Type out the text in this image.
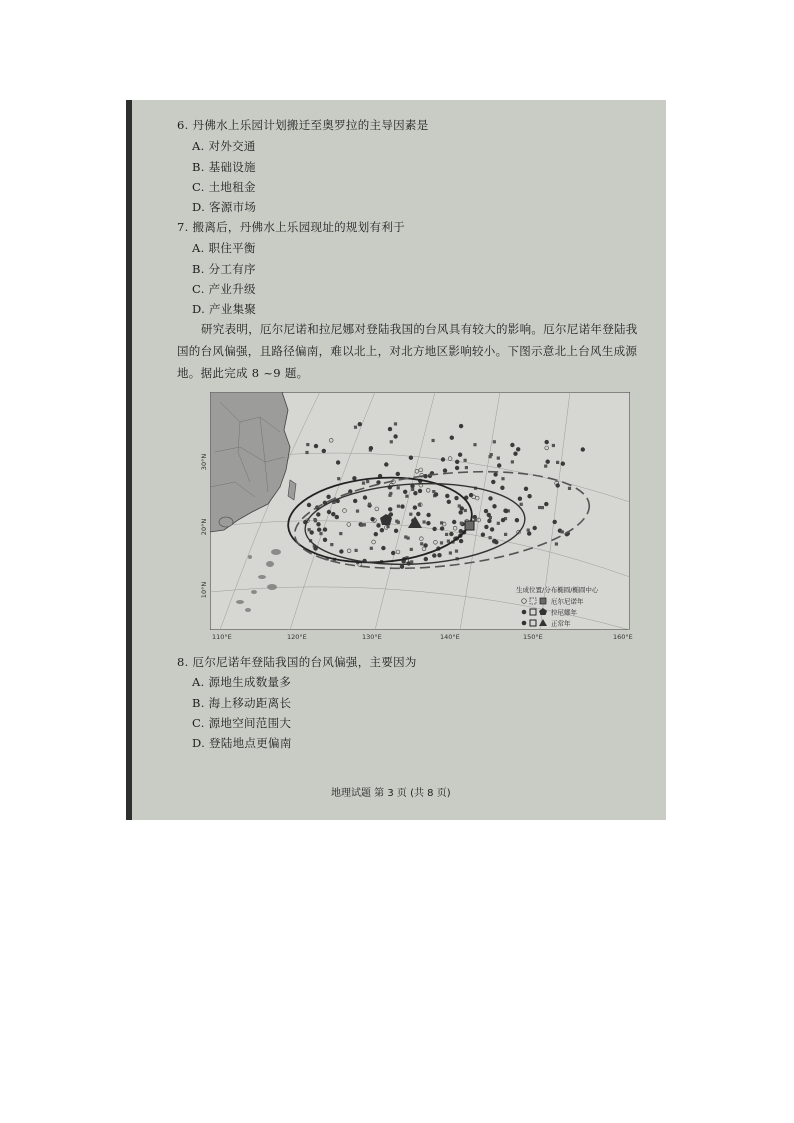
6. 丹佛水上乐园计划搬迁至奥罗拉的主导因素是
A. 对外交通
B. 基础设施
C. 土地租金
D. 客源市场
7. 搬离后，丹佛水上乐园现址的规划有利于
A. 职住平衡
B. 分工有序
C. 产业升级
D. 产业集聚
研究表明，厄尔尼诺和拉尼娜对登陆我国的台风具有较大的影响。厄尔尼诺年登陆我国的台风偏强，且路径偏南，难以北上，对北方地区影响较小。下图示意北上台风生成源地。据此完成 8 ~9 题。
生成位置/分布椭圆/椭圆中心
厄尔尼诺年
拉尼娜年
正常年
30°N
20°N
10°N
110°E	120°E	130°E	140°E	150°E	160°E
8. 厄尔尼诺年登陆我国的台风偏强，主要因为
A. 源地生成数量多
B. 海上移动距离长
C. 源地空间范围大
D. 登陆地点更偏南
地理试题 第 3 页 (共 8 页)
